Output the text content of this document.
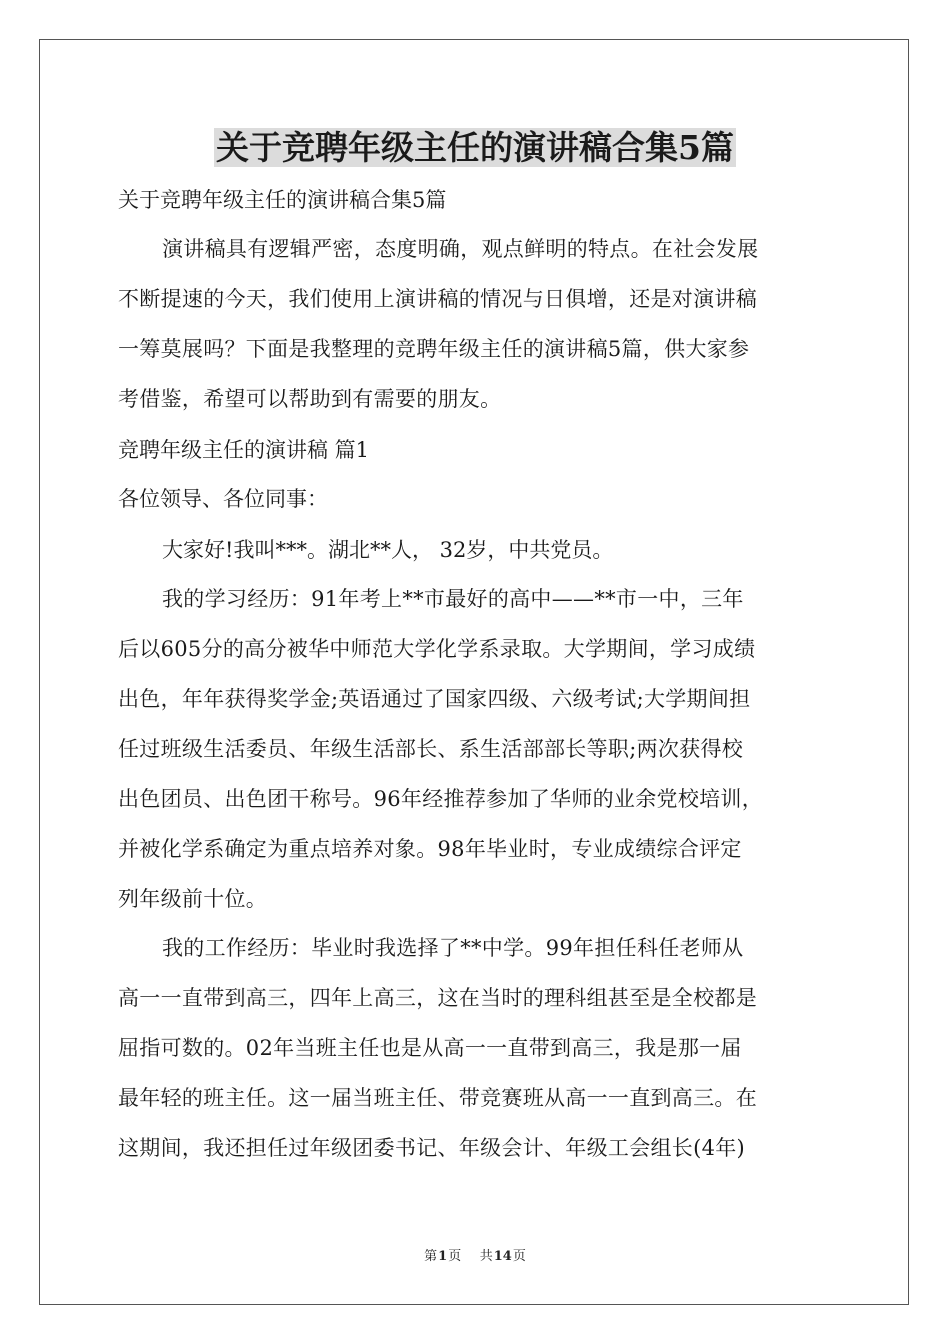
关于竞聘年级主任的演讲稿合集5篇

关于竞聘年级主任的演讲稿合集5篇

演讲稿具有逻辑严密，态度明确，观点鲜明的特点。在社会发展
不断提速的今天，我们使用上演讲稿的情况与日俱增，还是对演讲稿
一筹莫展吗？下面是我整理的竞聘年级主任的演讲稿5篇，供大家参
考借鉴，希望可以帮助到有需要的朋友。

竞聘年级主任的演讲稿 篇1

各位领导、各位同事：

大家好!我叫***。湖北**人， 32岁，中共党员。

我的学习经历：91年考上**市最好的高中——**市一中，三年
后以605分的高分被华中师范大学化学系录取。大学期间，学习成绩
出色，年年获得奖学金;英语通过了国家四级、六级考试;大学期间担
任过班级生活委员、年级生活部长、系生活部部长等职;两次获得校
出色团员、出色团干称号。96年经推荐参加了华师的业余党校培训，
并被化学系确定为重点培养对象。98年毕业时，专业成绩综合评定
列年级前十位。
我的工作经历：毕业时我选择了**中学。99年担任科任老师从
高一一直带到高三，四年上高三，这在当时的理科组甚至是全校都是
屈指可数的。02年当班主任也是从高一一直带到高三，我是那一届
最年轻的班主任。这一届当班主任、带竞赛班从高一一直到高三。在
这期间，我还担任过年级团委书记、年级会计、年级工会组长(4年)
第1页 共14页
